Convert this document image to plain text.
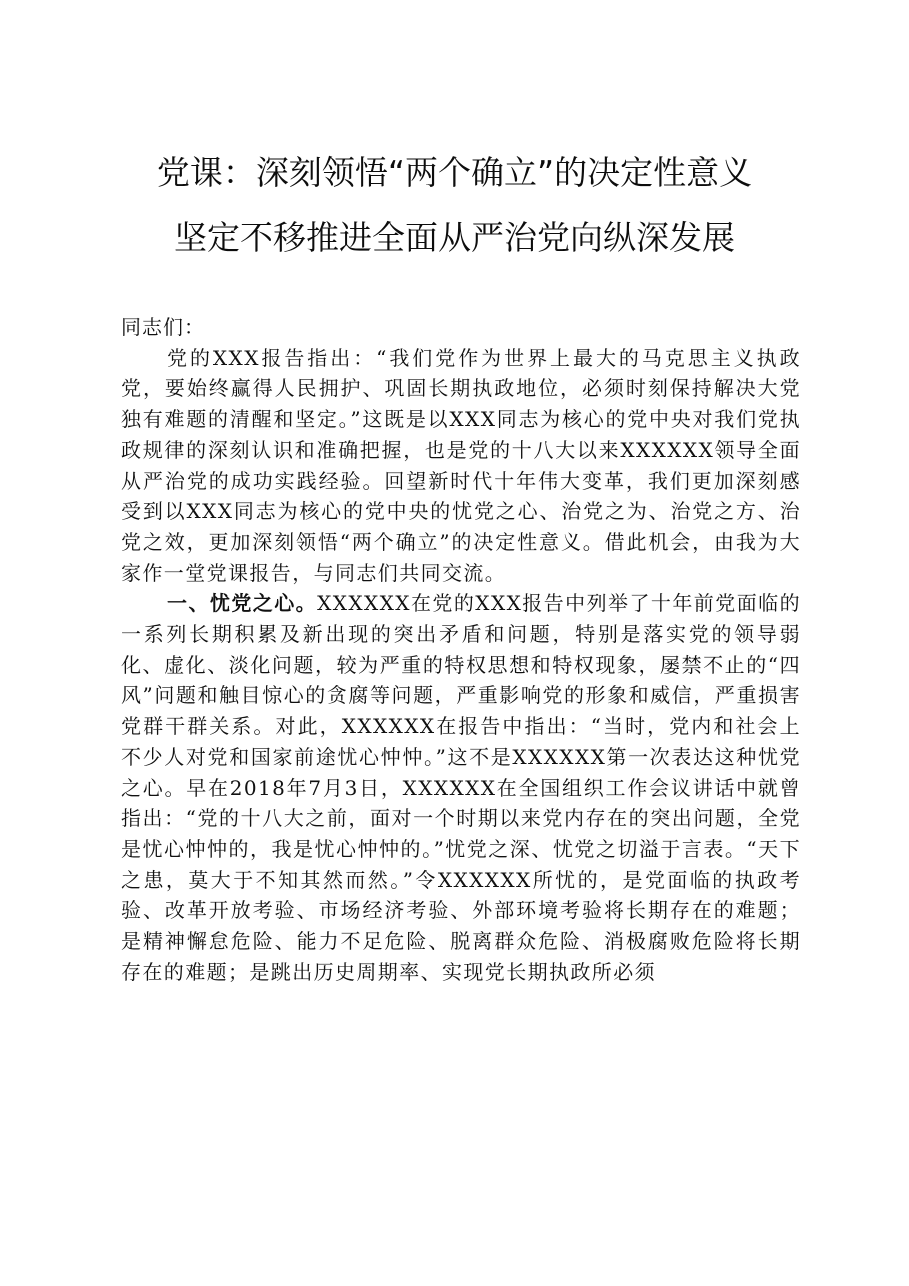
党课：深刻领悟“两个确立”的决定性意义
坚定不移推进全面从严治党向纵深发展

同志们：

党的XXX报告指出：“我们党作为世界上最大的马克思主义执政党，要始终赢得人民拥护、巩固长期执政地位，必须时刻保持解决大党独有难题的清醒和坚定。”这既是以XXX同志为核心的党中央对我们党执政规律的深刻认识和准确把握，也是党的十八大以来XXXXXX领导全面从严治党的成功实践经验。回望新时代十年伟大变革，我们更加深刻感受到以XXX同志为核心的党中央的忧党之心、治党之为、治党之方、治党之效，更加深刻领悟“两个确立”的决定性意义。借此机会，由我为大家作一堂党课报告，与同志们共同交流。

一、忧党之心。XXXXXX在党的XXX报告中列举了十年前党面临的一系列长期积累及新出现的突出矛盾和问题，特别是落实党的领导弱化、虚化、淡化问题，较为严重的特权思想和特权现象，屡禁不止的“四风”问题和触目惊心的贪腐等问题，严重影响党的形象和威信，严重损害党群干群关系。对此，XXXXXX在报告中指出：“当时，党内和社会上不少人对党和国家前途忧心忡忡。”这不是XXXXXX第一次表达这种忧党之心。早在2018年7月3日，XXXXXX在全国组织工作会议讲话中就曾指出：“党的十八大之前，面对一个时期以来党内存在的突出问题，全党是忧心忡忡的，我是忧心忡忡的。”忧党之深、忧党之切溢于言表。“天下之患，莫大于不知其然而然。”令XXXXXX所忧的，是党面临的执政考验、改革开放考验、市场经济考验、外部环境考验将长期存在的难题；是精神懈怠危险、能力不足危险、脱离群众危险、消极腐败危险将长期存在的难题；是跳出历史周期率、实现党长期执政所必须
